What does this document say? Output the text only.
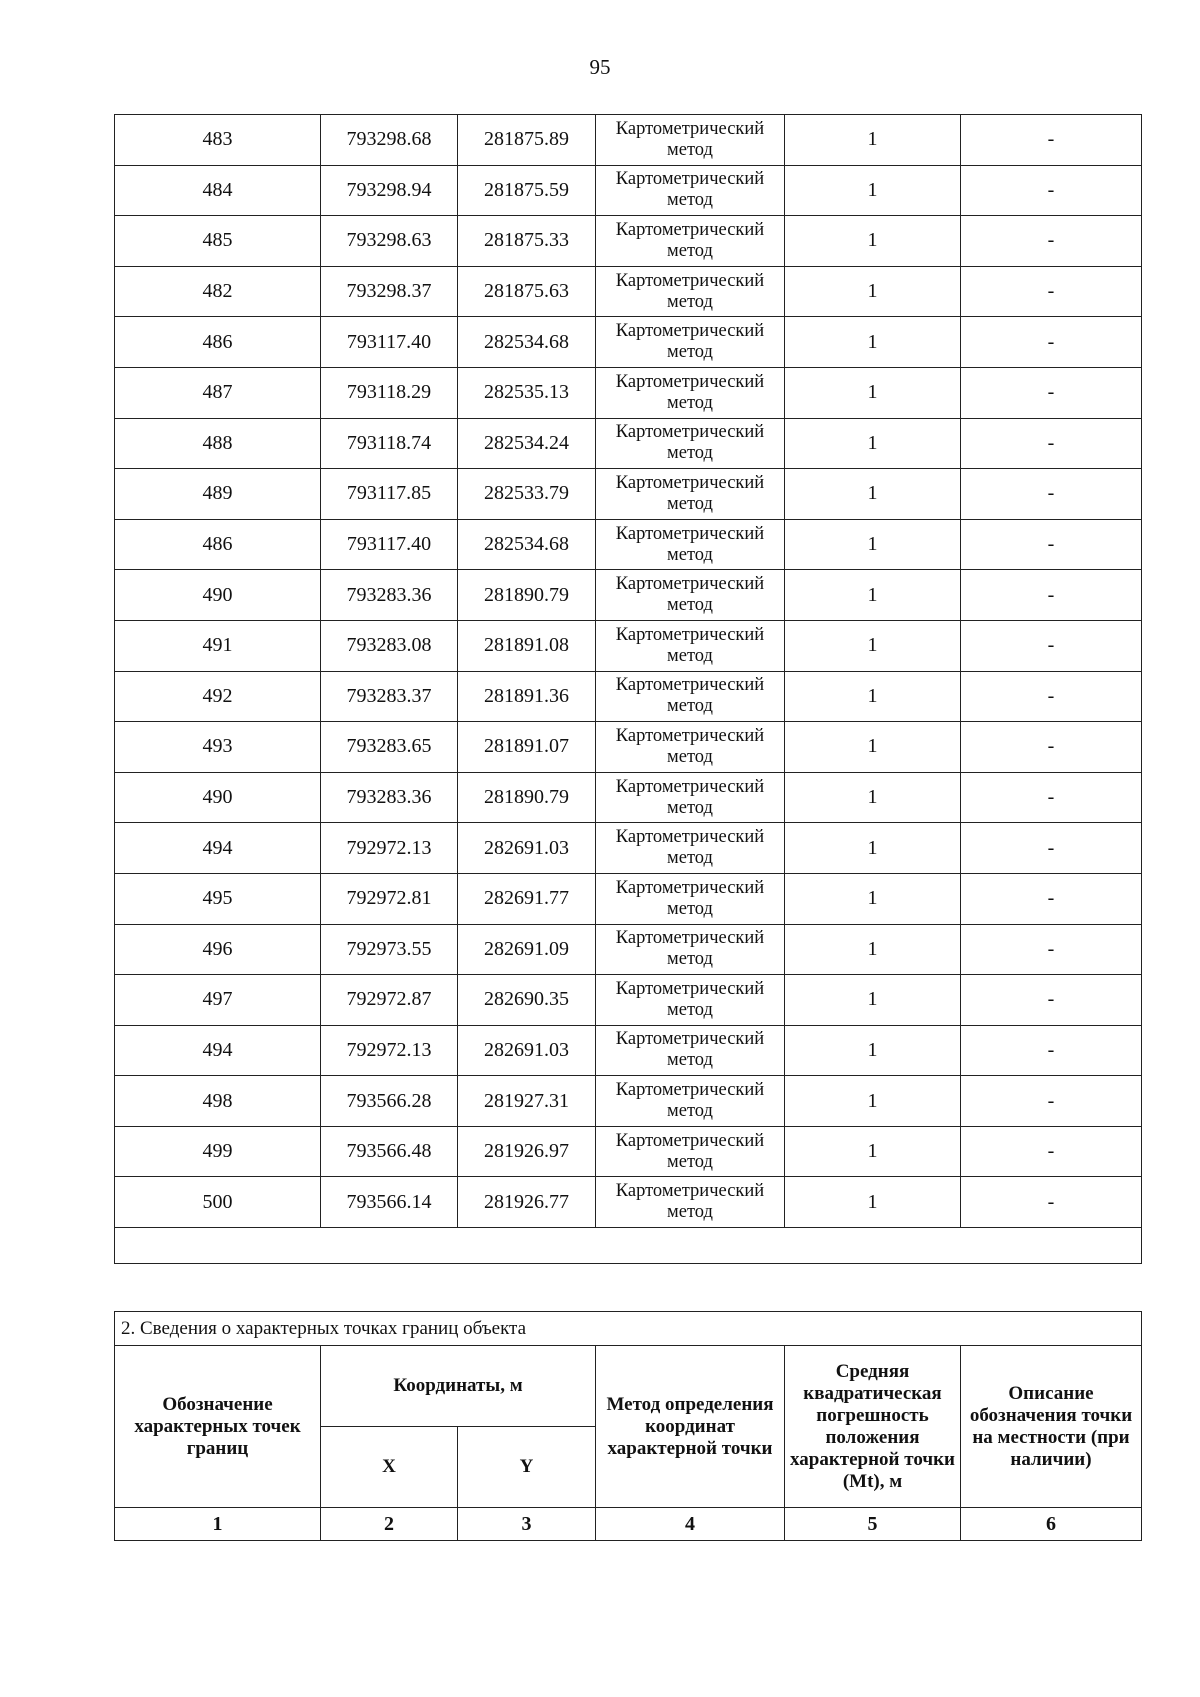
95
483	793298.68	281875.89	Картометрический метод	1	-
484	793298.94	281875.59	Картометрический метод	1	-
485	793298.63	281875.33	Картометрический метод	1	-
482	793298.37	281875.63	Картометрический метод	1	-
486	793117.40	282534.68	Картометрический метод	1	-
487	793118.29	282535.13	Картометрический метод	1	-
488	793118.74	282534.24	Картометрический метод	1	-
489	793117.85	282533.79	Картометрический метод	1	-
486	793117.40	282534.68	Картометрический метод	1	-
490	793283.36	281890.79	Картометрический метод	1	-
491	793283.08	281891.08	Картометрический метод	1	-
492	793283.37	281891.36	Картометрический метод	1	-
493	793283.65	281891.07	Картометрический метод	1	-
490	793283.36	281890.79	Картометрический метод	1	-
494	792972.13	282691.03	Картометрический метод	1	-
495	792972.81	282691.77	Картометрический метод	1	-
496	792973.55	282691.09	Картометрический метод	1	-
497	792972.87	282690.35	Картометрический метод	1	-
494	792972.13	282691.03	Картометрический метод	1	-
498	793566.28	281927.31	Картометрический метод	1	-
499	793566.48	281926.97	Картометрический метод	1	-
500	793566.14	281926.77	Картометрический метод	1	-

2. Сведения о характерных точках границ объекта					
Обозначение характерных точек границ	Координаты, м		Метод определения координат характерной точки	Средняя квадратическая погрешность положения характерной точки (Mt), м	Описание обозначения точки на местности (при наличии)
	X	Y			
1	2	3	4	5	6
